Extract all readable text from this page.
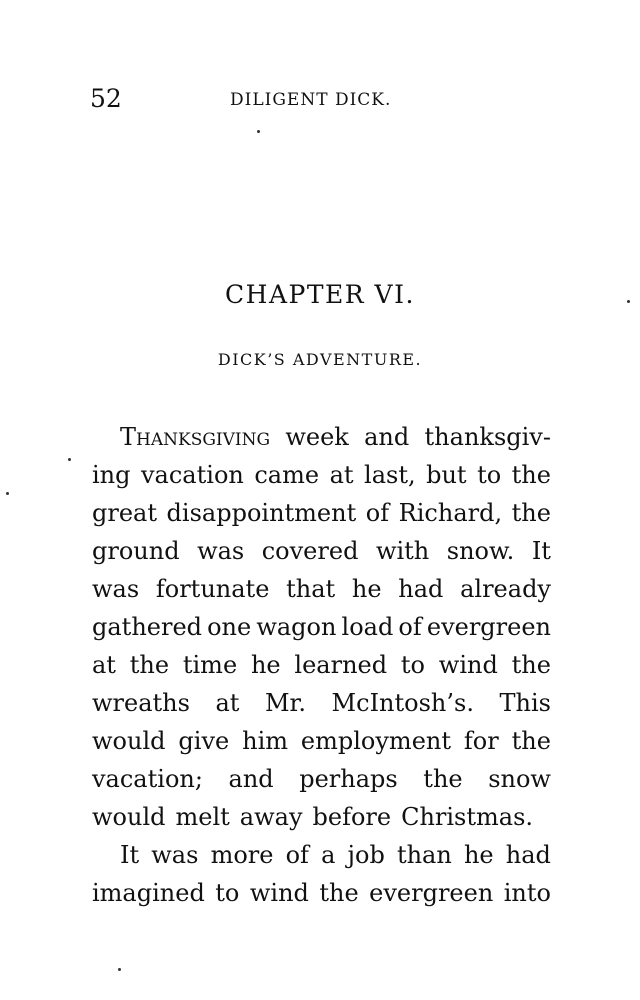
52	DILIGENT DICK.
CHAPTER VI.
DICK’S ADVENTURE.
THANKSGIVING week and thanksgiv-
ing vacation came at last, but to the
great disappointment of Richard, the
ground was covered with snow. It
was fortunate that he had already
gathered one wagon load of evergreen
at the time he learned to wind the
wreaths at Mr. McIntosh’s. This
would give him employment for the
vacation; and perhaps the snow
would melt away before Christmas.
It was more of a job than he had
imagined to wind the evergreen into
